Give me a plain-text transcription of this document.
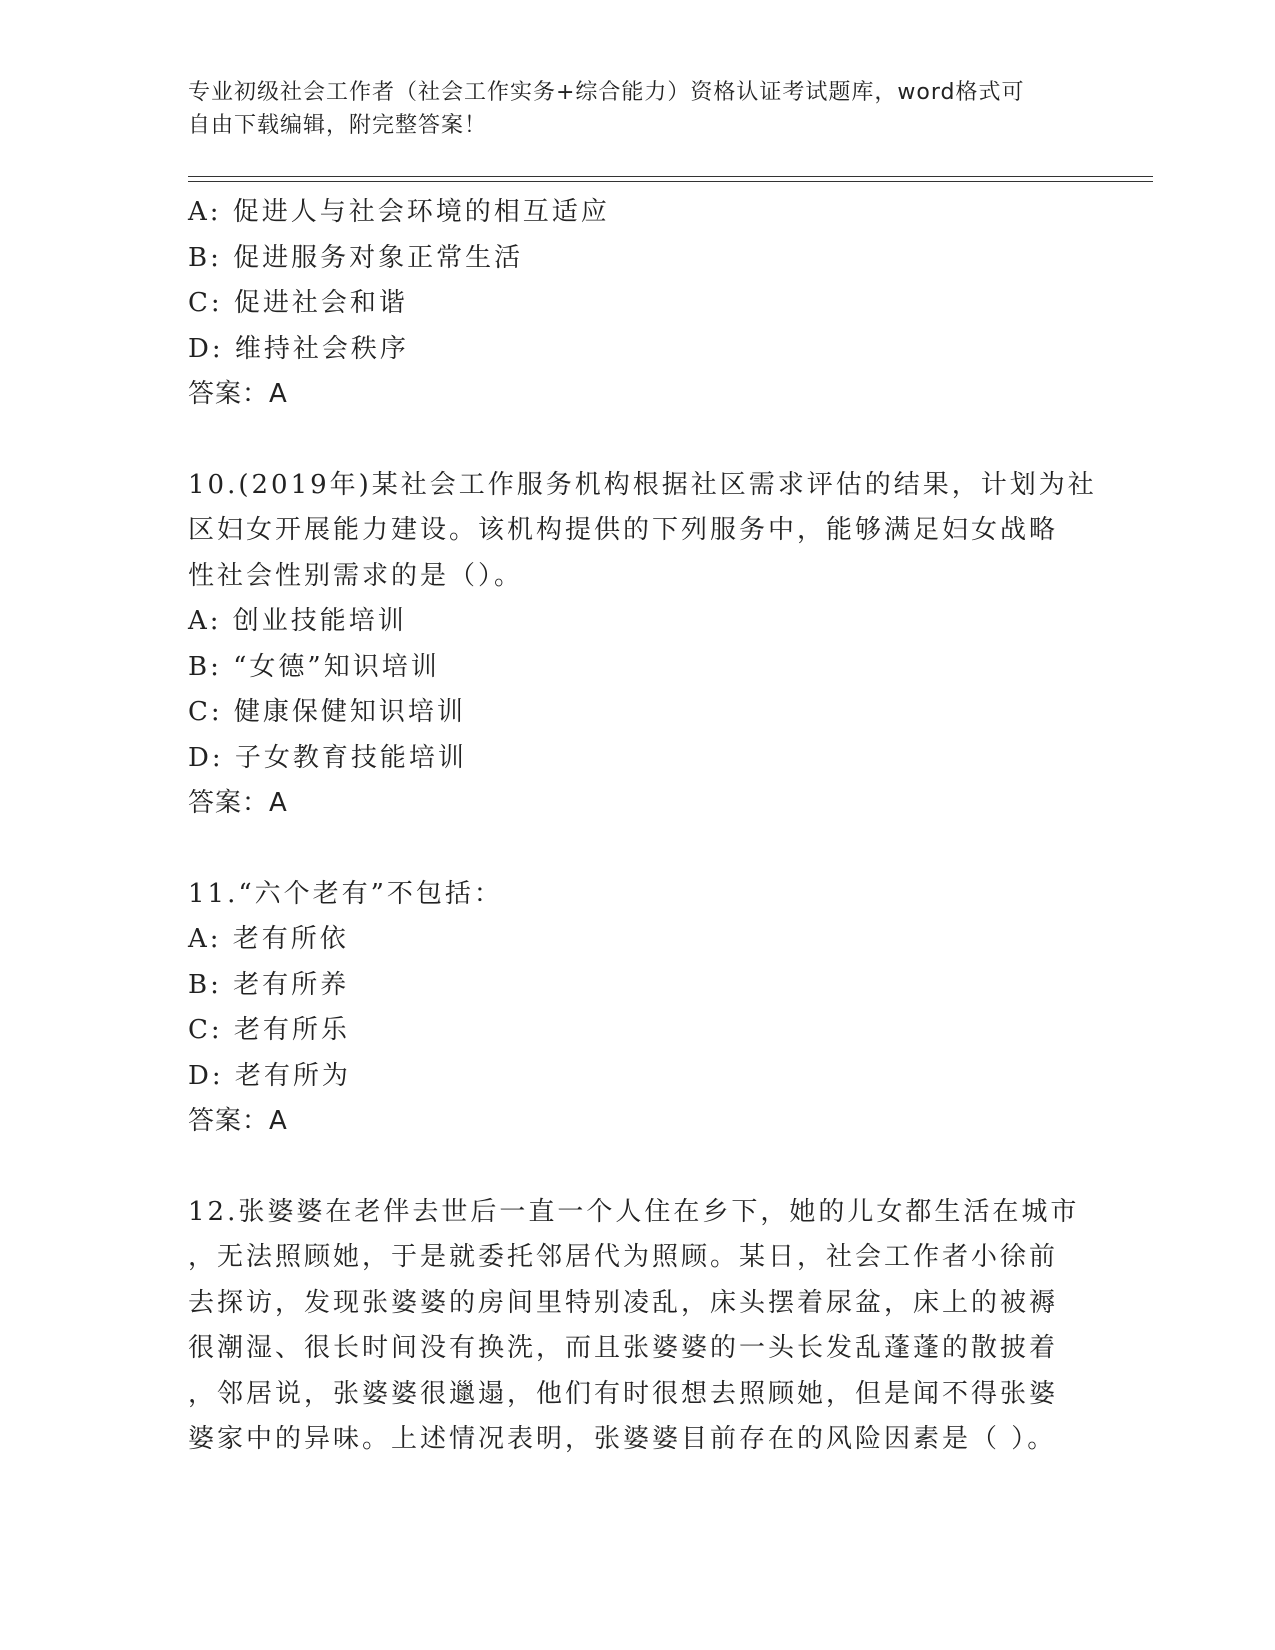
专业初级社会工作者（社会工作实务+综合能力）资格认证考试题库，word格式可
自由下载编辑，附完整答案！
A: 促进人与社会环境的相互适应
B: 促进服务对象正常生活
C: 促进社会和谐
D: 维持社会秩序
答案：A
10.(2019年)某社会工作服务机构根据社区需求评估的结果，计划为社
区妇女开展能力建设。该机构提供的下列服务中，能够满足妇女战略
性社会性别需求的是（）。
A: 创业技能培训
B: “女德”知识培训
C: 健康保健知识培训
D: 子女教育技能培训
答案：A
11.“六个老有”不包括：
A: 老有所依
B: 老有所养
C: 老有所乐
D: 老有所为
答案：A
12.张婆婆在老伴去世后一直一个人住在乡下，她的儿女都生活在城市
，无法照顾她，于是就委托邻居代为照顾。某日，社会工作者小徐前
去探访，发现张婆婆的房间里特别凌乱，床头摆着尿盆，床上的被褥
很潮湿、很长时间没有换洗，而且张婆婆的一头长发乱蓬蓬的散披着
，邻居说，张婆婆很邋遢，他们有时很想去照顾她，但是闻不得张婆
婆家中的异味。上述情况表明，张婆婆目前存在的风险因素是（ ）。
